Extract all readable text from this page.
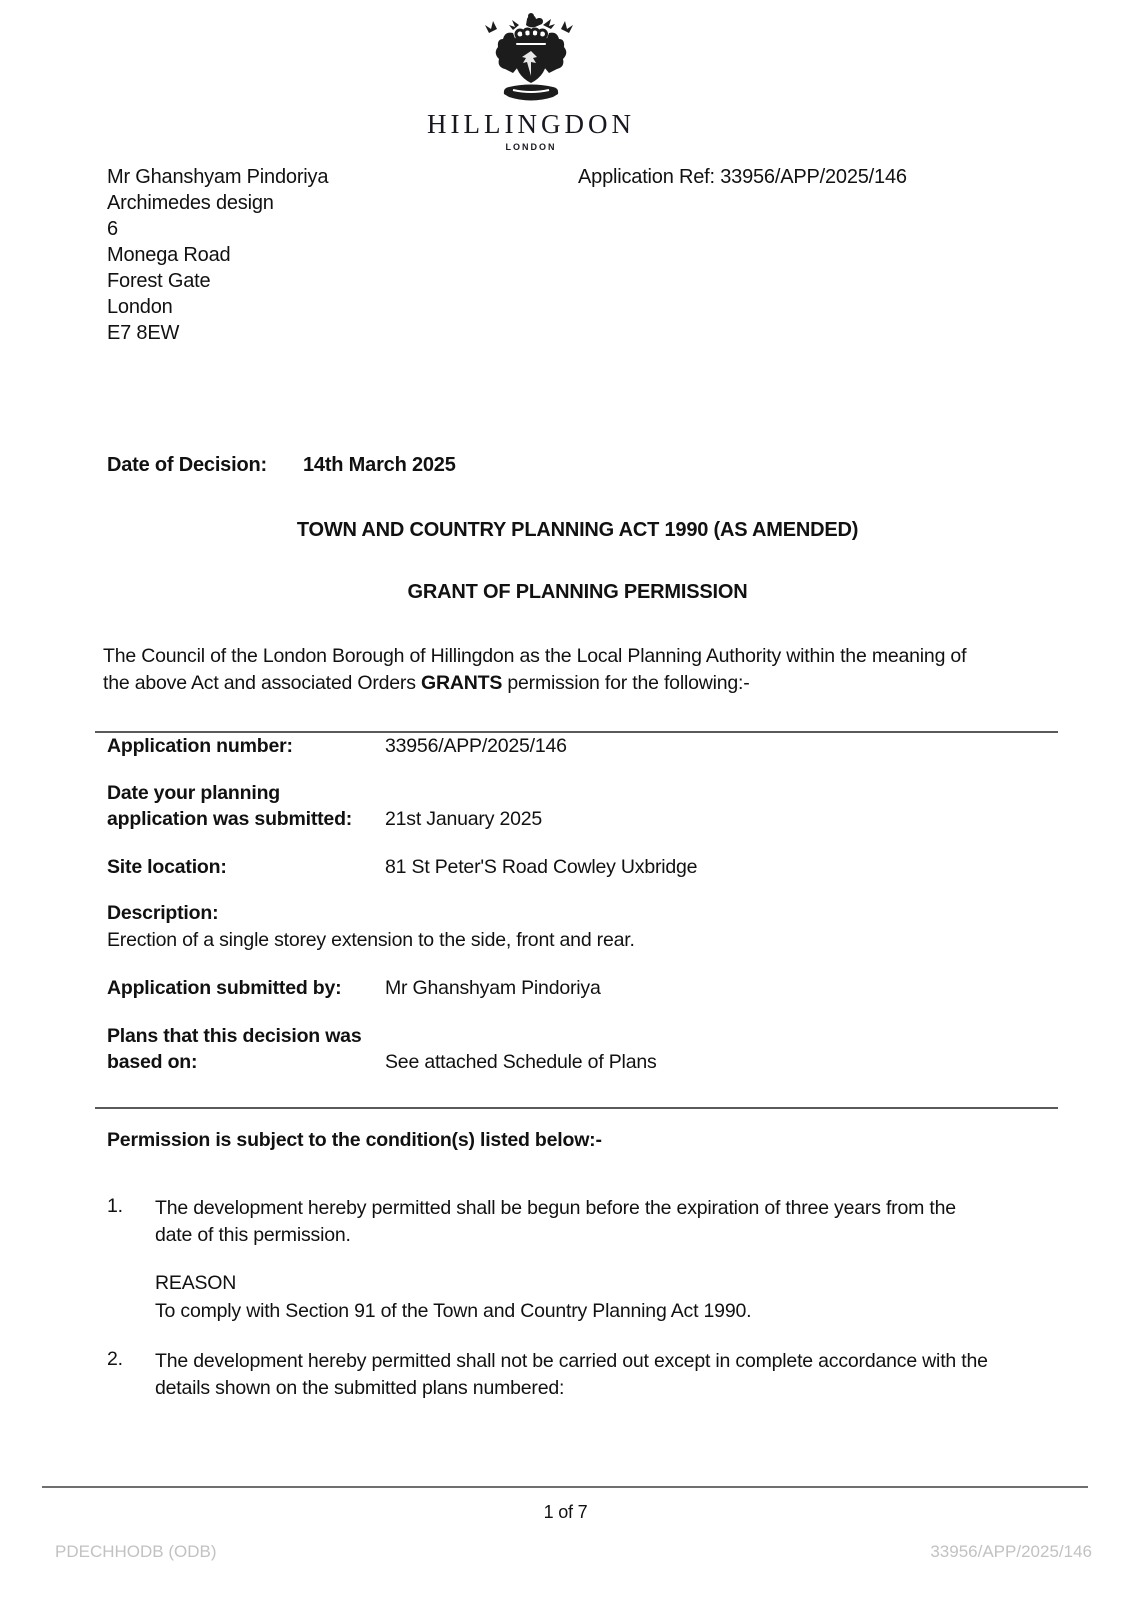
HILLINGDON
LONDON
Mr Ghanshyam Pindoriya
Archimedes design
6
Monega Road
Forest Gate
London
E7 8EW
Application Ref: 33956/APP/2025/146
Date of Decision: 14th March 2025
TOWN AND COUNTRY PLANNING ACT 1990 (AS AMENDED)
GRANT OF PLANNING PERMISSION
The Council of the London Borough of Hillingdon as the Local Planning Authority within the meaning of
the above Act and associated Orders GRANTS permission for the following:-
Application number:	33956/APP/2025/146
Date your planning
application was submitted: 21st January 2025
Site location:	81 St Peter'S Road Cowley Uxbridge
Description:
Erection of a single storey extension to the side, front and rear.
Application submitted by: Mr Ghanshyam Pindoriya
Plans that this decision was
based on:	See attached Schedule of Plans
Permission is subject to the condition(s) listed below:-
1. The development hereby permitted shall be begun before the expiration of three years from the
date of this permission.
REASON
To comply with Section 91 of the Town and Country Planning Act 1990.
2. The development hereby permitted shall not be carried out except in complete accordance with the
details shown on the submitted plans numbered:
1 of 7
PDECHHODB (ODB)	33956/APP/2025/146
